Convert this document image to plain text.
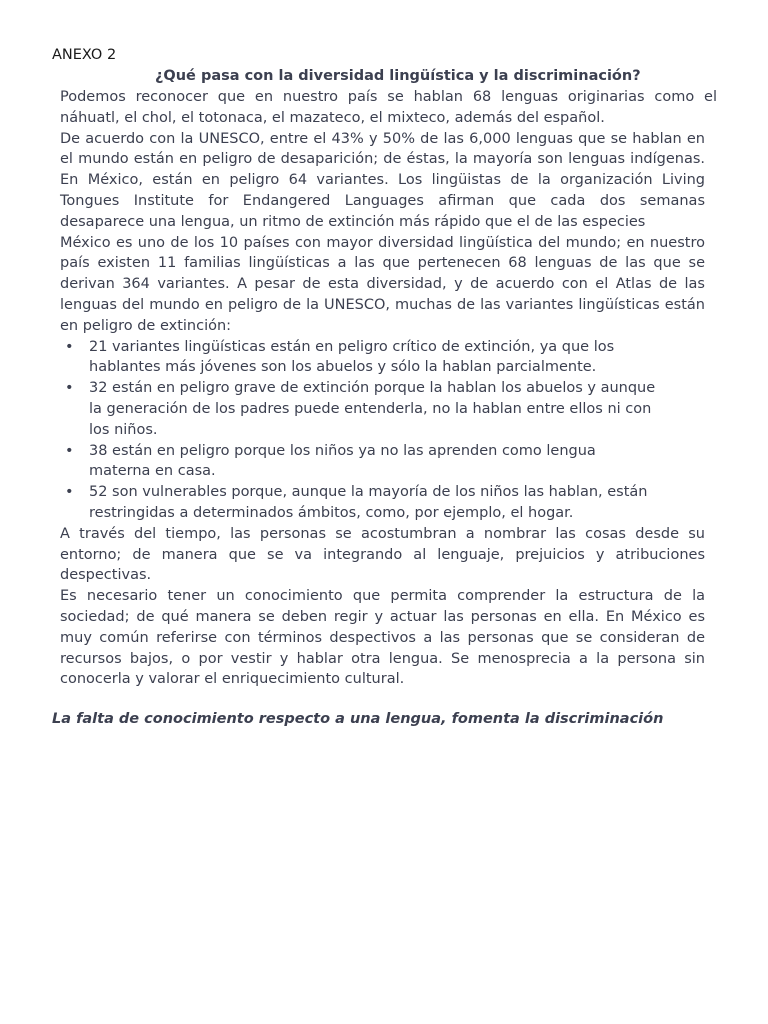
ANEXO 2
¿Qué pasa con la diversidad lingüística y la discriminación?

Podemos reconocer que en nuestro país se hablan 68 lenguas originarias como el náhuatl, el chol, el totonaca, el mazateco, el mixteco, además del español.

De acuerdo con la UNESCO, entre el 43% y 50% de las 6,000 lenguas que se hablan en el mundo están en peligro de desaparición; de éstas, la mayoría son lenguas indígenas. En México, están en peligro 64 variantes. Los lingüistas de la organización Living Tongues Institute for Endangered Languages afirman que cada dos semanas desaparece una lengua, un ritmo de extinción más rápido que el de las especies

México es uno de los 10 países con mayor diversidad lingüística del mundo; en nuestro país existen 11 familias lingüísticas a las que pertenecen 68 lenguas de las que se derivan 364 variantes. A pesar de esta diversidad, y de acuerdo con el Atlas de las lenguas del mundo en peligro de la UNESCO, muchas de las variantes lingüísticas están en peligro de extinción:

• 21 variantes lingüísticas están en peligro crítico de extinción, ya que los hablantes más jóvenes son los abuelos y sólo la hablan parcialmente.
• 32 están en peligro grave de extinción porque la hablan los abuelos y aunque la generación de los padres puede entenderla, no la hablan entre ellos ni con los niños.
• 38 están en peligro porque los niños ya no las aprenden como lengua materna en casa.
• 52 son vulnerables porque, aunque la mayoría de los niños las hablan, están restringidas a determinados ámbitos, como, por ejemplo, el hogar.

A través del tiempo, las personas se acostumbran a nombrar las cosas desde su entorno; de manera que se va integrando al lenguaje, prejuicios y atribuciones despectivas.

Es necesario tener un conocimiento que permita comprender la estructura de la sociedad; de qué manera se deben regir y actuar las personas en ella. En México es muy común referirse con términos despectivos a las personas que se consideran de recursos bajos, o por vestir y hablar otra lengua. Se menosprecia a la persona sin conocerla y valorar el enriquecimiento cultural.

La falta de conocimiento respecto a una lengua, fomenta la discriminación
